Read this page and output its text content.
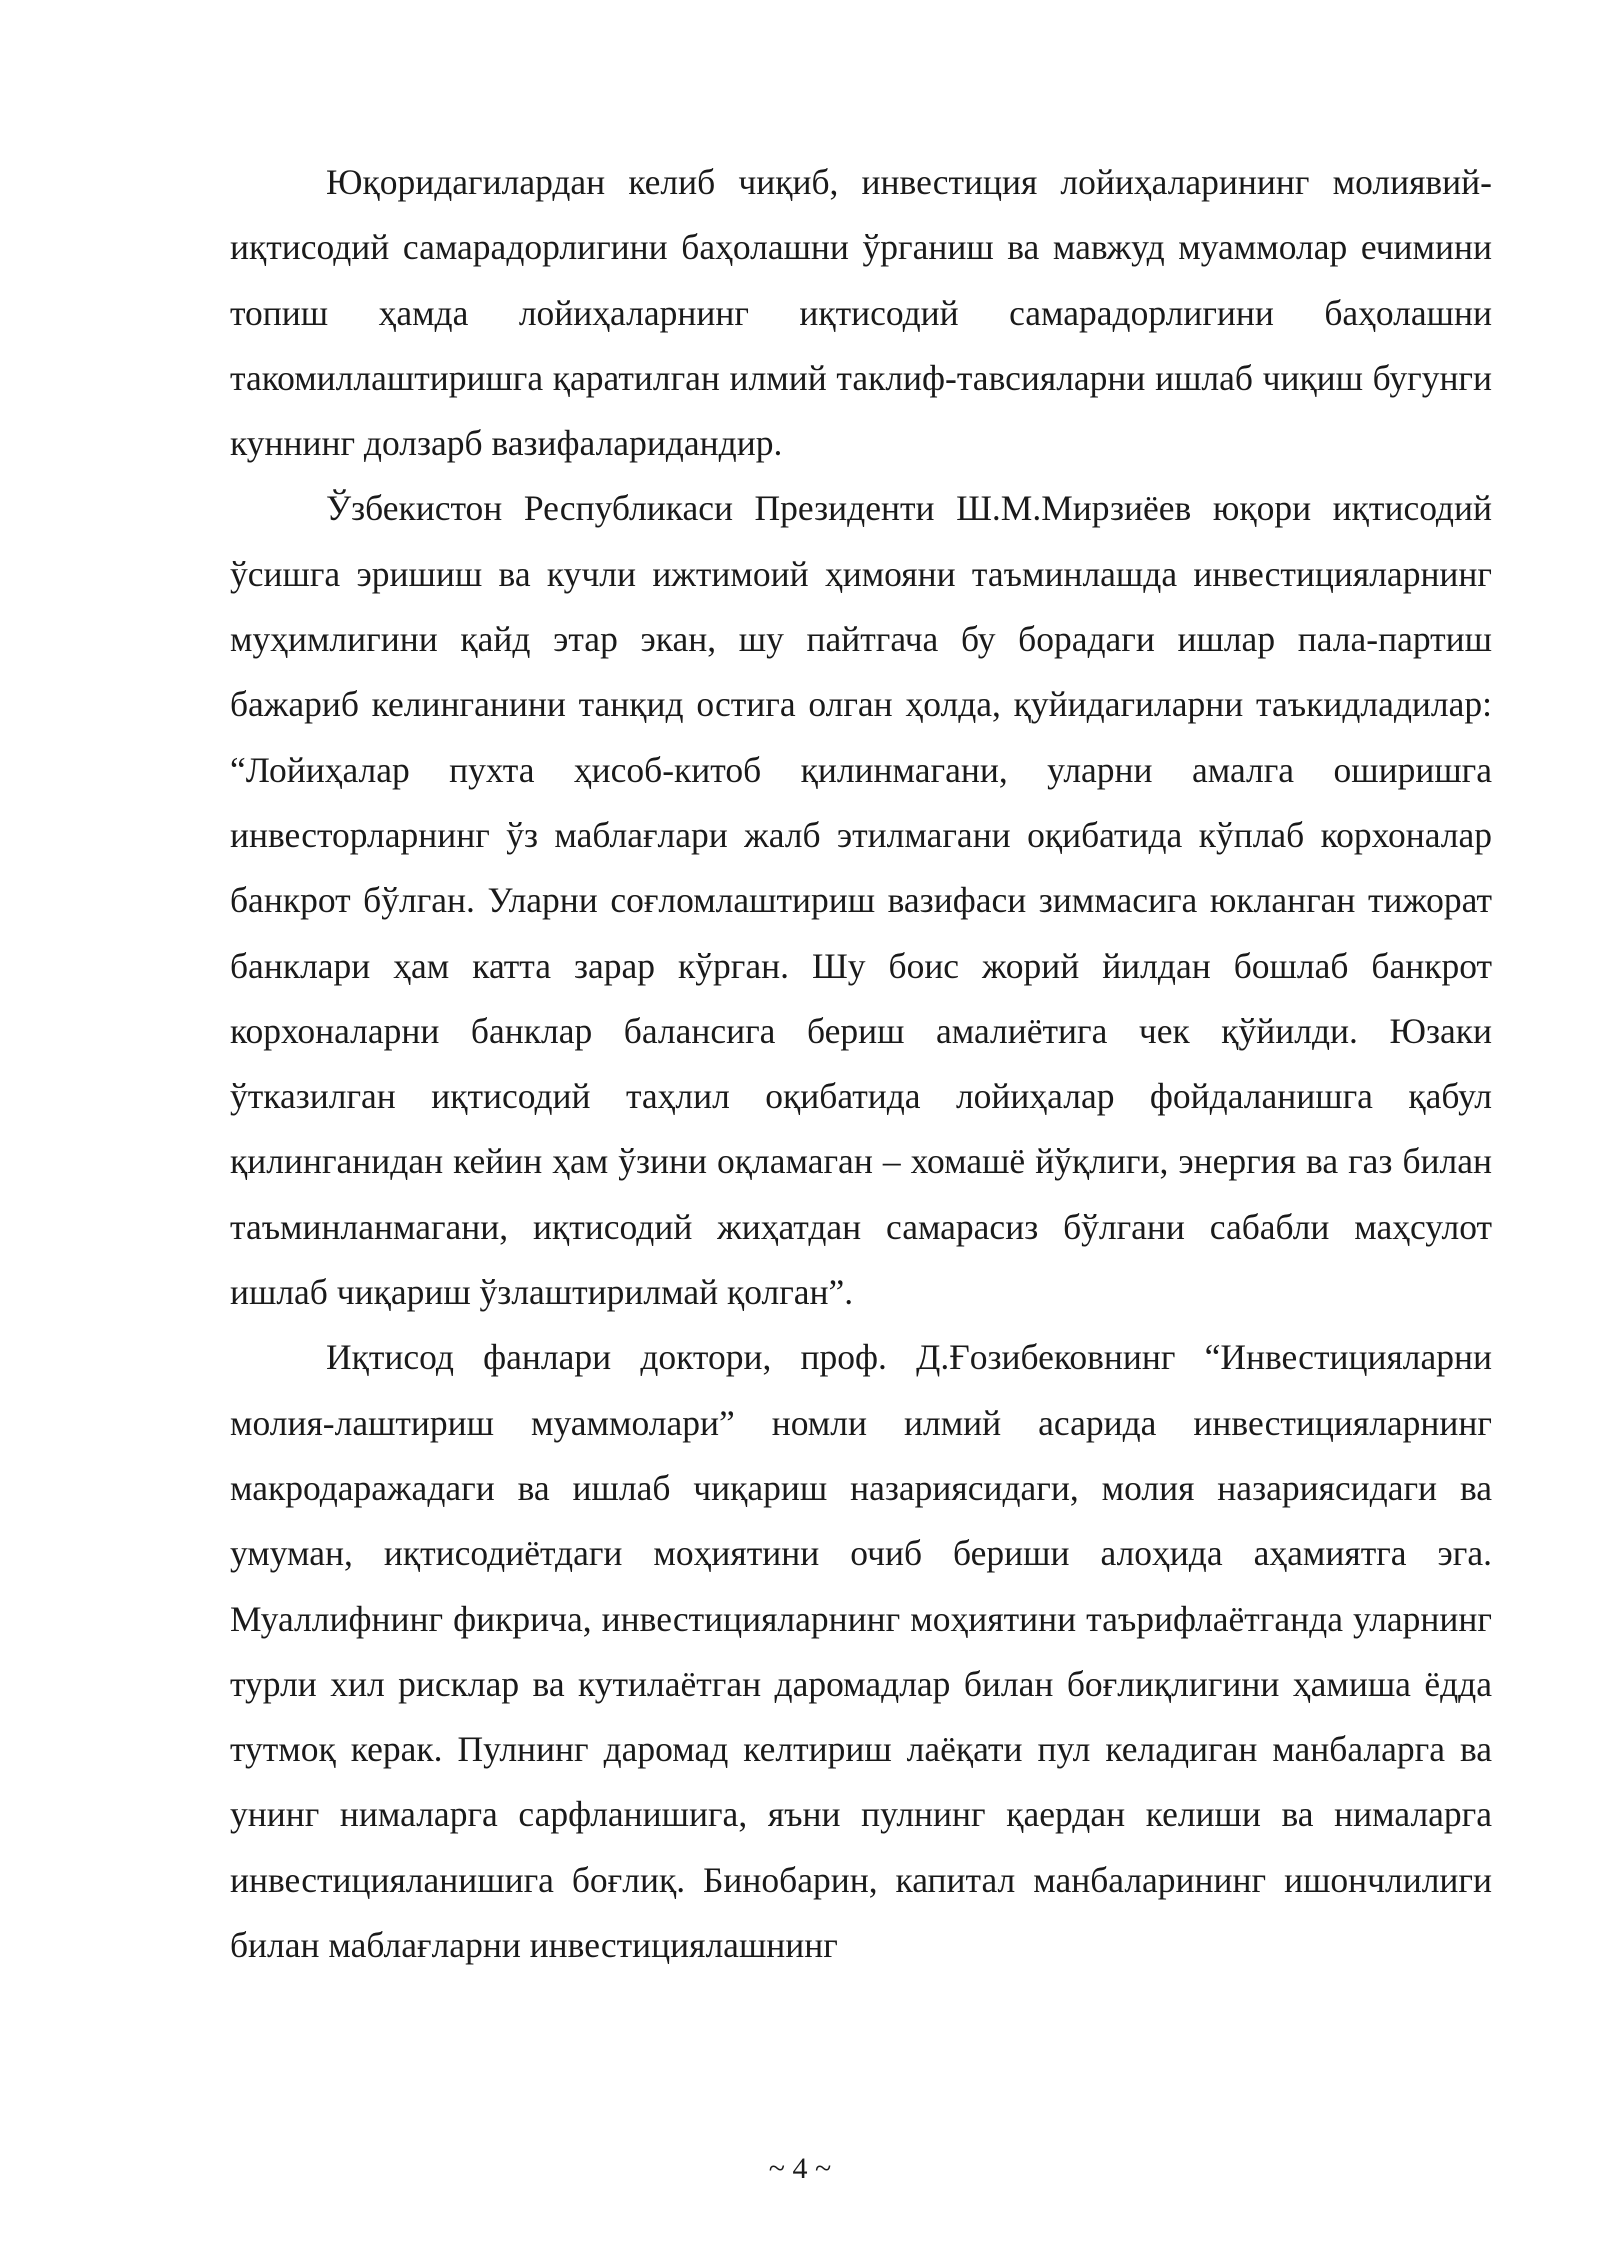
Юқоридагилардан келиб чиқиб, инвестиция лойиҳаларининг молиявий-иқтисодий самарадорлигини баҳолашни ўрганиш ва мавжуд муаммолар ечимини топиш ҳамда лойиҳаларнинг иқтисодий самарадорлигини баҳолашни такомиллаштиришга қаратилган илмий таклиф-тавсияларни ишлаб чиқиш бугунги куннинг долзарб вазифаларидандир.

Ўзбекистон Республикаси Президенти Ш.М.Мирзиёев юқори иқтисодий ўсишга эришиш ва кучли ижтимоий ҳимояни таъминлашда инвестицияларнинг муҳимлигини қайд этар экан, шу пайтгача бу борадаги ишлар пала-партиш бажариб келинганини танқид остига олган ҳолда, қуйидагиларни таъкидладилар: “Лойиҳалар пухта ҳисоб-китоб қилинмагани, уларни амалга оширишга инвесторларнинг ўз маблағлари жалб этилмагани оқибатида кўплаб корхоналар банкрот бўлган. Уларни соғломлаштириш вазифаси зиммасига юкланган тижорат банклари ҳам катта зарар кўрган. Шу боис жорий йилдан бошлаб банкрот корхоналарни банклар балансига бериш амалиётига чек қўйилди. Юзаки ўтказилган иқтисодий таҳлил оқибатида лойиҳалар фойдаланишга қабул қилинганидан кейин ҳам ўзини оқламаган – хомашё йўқлиги, энергия ва газ билан таъминланмагани, иқтисодий жиҳатдан самарасиз бўлгани сабабли маҳсулот ишлаб чиқариш ўзлаштирилмай қолган”.

Иқтисод фанлари доктори, проф. Д.Ғозибековнинг “Инвестицияларни молия-лаштириш муаммолари” номли илмий асарида инвестицияларнинг макродаражадаги ва ишлаб чиқариш назариясидаги, молия назариясидаги ва умуман, иқтисодиётдаги моҳиятини очиб бериши алоҳида аҳамиятга эга. Муаллифнинг фикрича, инвестицияларнинг моҳиятини таърифлаётганда уларнинг турли хил рисклар ва кутилаётган даромадлар билан боғлиқлигини ҳамиша ёдда тутмоқ керак. Пулнинг даромад келтириш лаёқати пул келадиган манбаларга ва унинг нималарга сарфланишига, яъни пулнинг қаердан келиши ва нималарга инвестицияланишига боғлиқ. Бинобарин, капитал манбаларининг ишончлилиги билан маблағларни инвестициялашнинг

~ 4 ~
